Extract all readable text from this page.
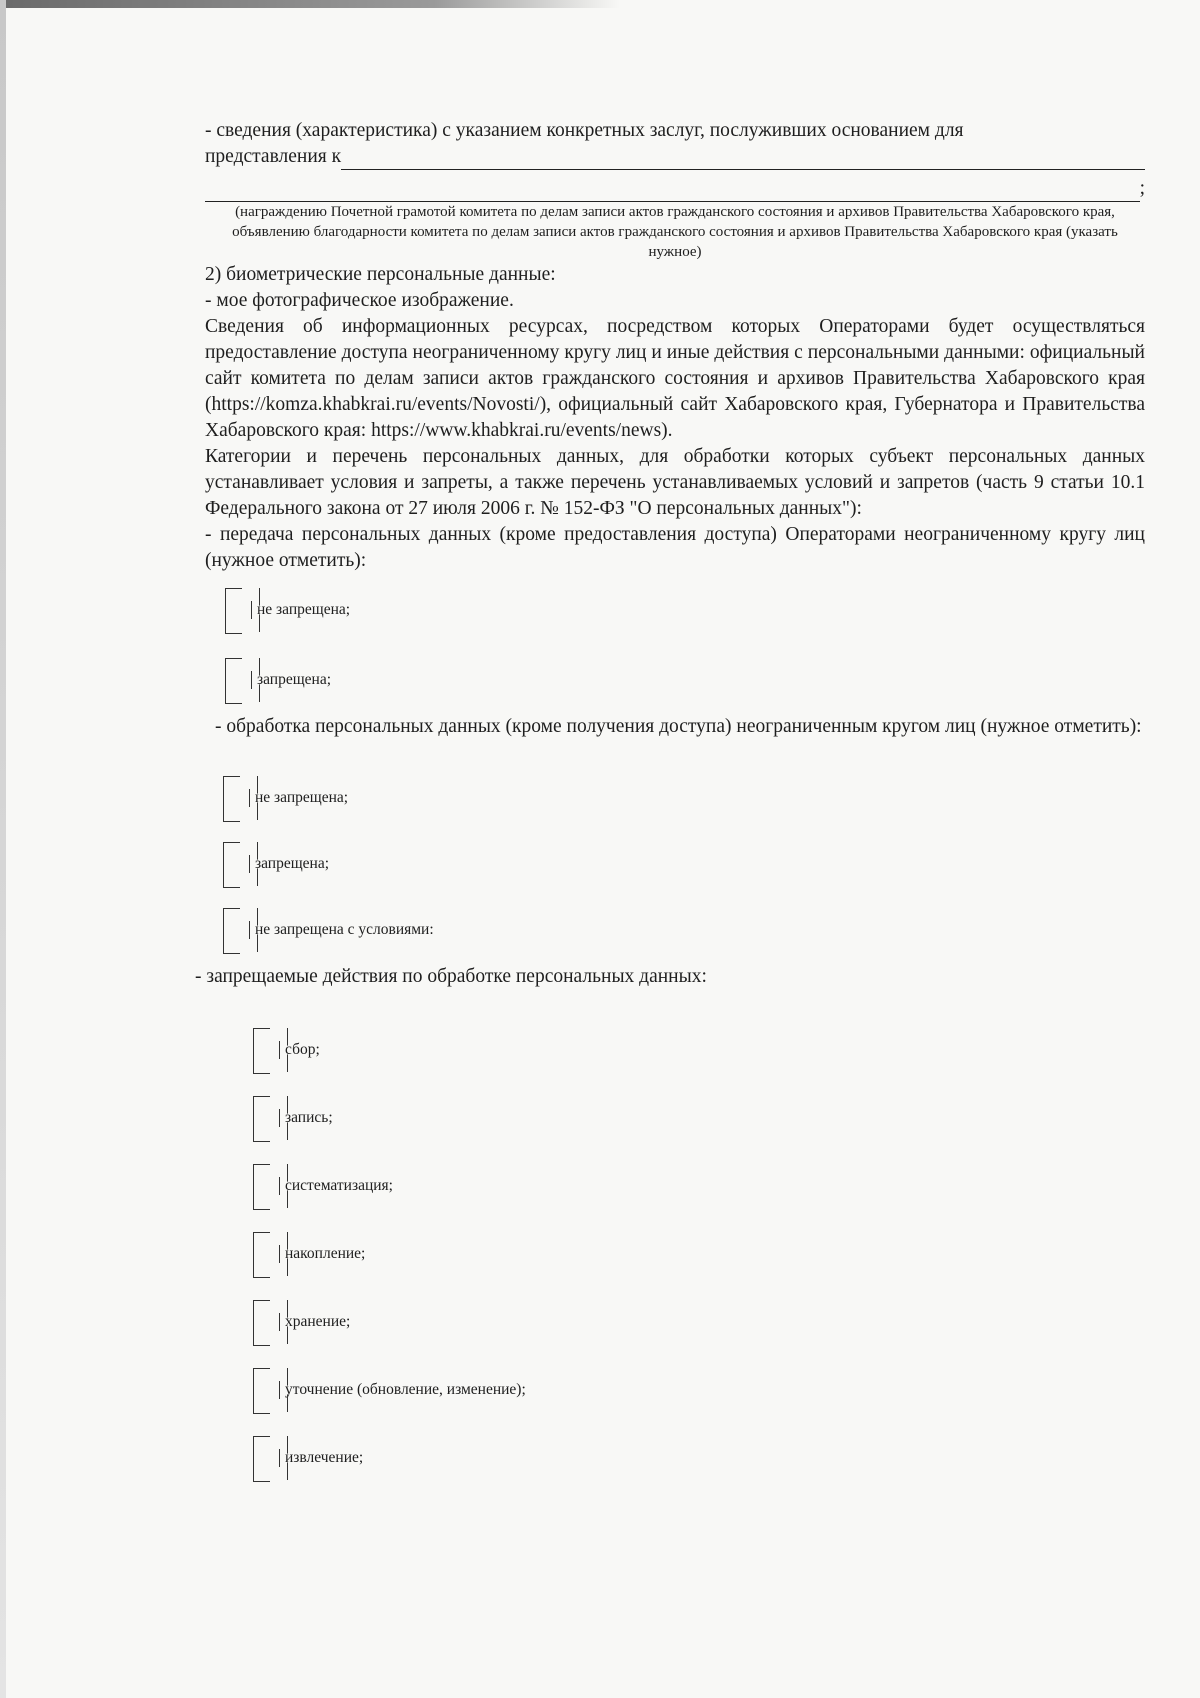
- сведения (характеристика) с указанием конкретных заслуг, послуживших основанием для

представления к
;

(награждению Почетной грамотой комитета по делам записи актов гражданского состояния и архивов Правительства Хабаровского края, объявлению благодарности комитета по делам записи актов гражданского состояния и архивов Правительства Хабаровского края (указать нужное)

2) биометрические персональные данные:

- мое фотографическое изображение.

Сведения об информационных ресурсах, посредством которых Операторами будет осуществляться предоставление доступа неограниченному кругу лиц и иные действия с персональными данными: официальный сайт комитета по делам записи актов гражданского состояния и архивов Правительства Хабаровского края (https://komza.khabkrai.ru/events/Novosti/), официальный сайт Хабаровского края, Губернатора и Правительства Хабаровского края: https://www.khabkrai.ru/events/news).

Категории и перечень персональных данных, для обработки которых субъект персональных данных устанавливает условия и запреты, а также перечень устанавливаемых условий и запретов (часть 9 статьи 10.1 Федерального закона от 27 июля 2006 г. № 152-ФЗ "О персональных данных"):

- передача персональных данных (кроме предоставления доступа) Операторами неограниченному кругу лиц (нужное отметить):

не запрещена;
запрещена;

- обработка персональных данных (кроме получения доступа) неограниченным кругом лиц (нужное отметить):

не запрещена;
запрещена;
не запрещена с условиями:

- запрещаемые действия по обработке персональных данных:

сбор;
запись;
систематизация;
накопление;
хранение;
уточнение (обновление, изменение);
извлечение;
